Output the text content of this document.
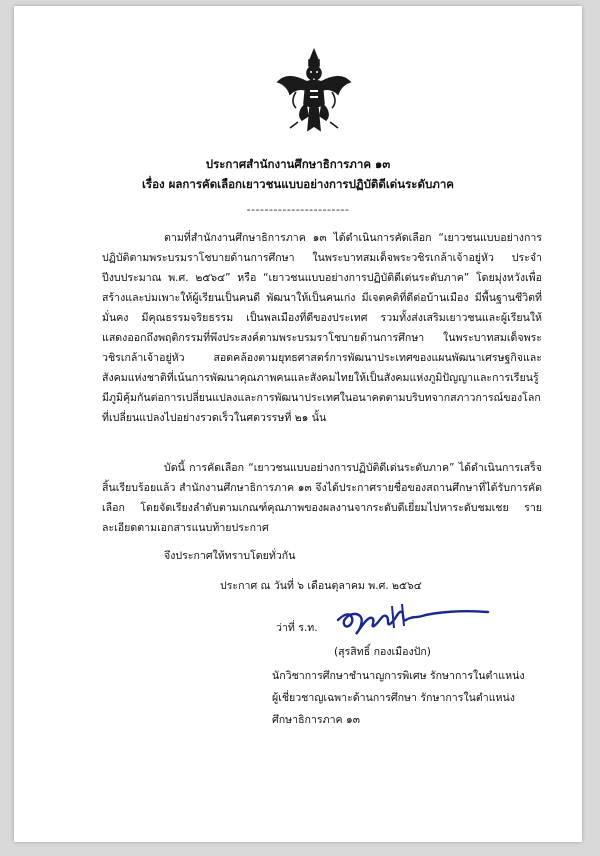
ประกาศสำนักงานศึกษาธิการภาค ๑๓
เรื่อง ผลการคัดเลือกเยาวชนแบบอย่างการปฏิบัติดีเด่นระดับภาค
-----------------------

ตามที่สำนักงานศึกษาธิการภาค ๑๓ ได้ดำเนินการคัดเลือก “เยาวชนแบบอย่างการปฏิบัติตามพระบรมราโชบายด้านการศึกษา ในพระบาทสมเด็จพระวชิรเกล้าเจ้าอยู่หัว ประจำปีงบประมาณ พ.ศ. ๒๕๖๔” หรือ “เยาวชนแบบอย่างการปฏิบัติดีเด่นระดับภาค” โดยมุ่งหวังเพื่อสร้างและบ่มเพาะให้ผู้เรียนเป็นคนดี พัฒนาให้เป็นคนเก่ง มีเจตคติที่ดีต่อบ้านเมือง มีพื้นฐานชีวิตที่มั่นคง มีคุณธรรมจริยธรรม เป็นพลเมืองที่ดีของประเทศ รวมทั้งส่งเสริมเยาวชนและผู้เรียนให้แสดงออกถึงพฤติกรรมที่พึงประสงค์ตามพระบรมราโชบายด้านการศึกษา ในพระบาทสมเด็จพระวชิรเกล้าเจ้าอยู่หัว สอดคล้องตามยุทธศาสตร์การพัฒนาประเทศของแผนพัฒนาเศรษฐกิจและสังคมแห่งชาติที่เน้นการพัฒนาคุณภาพคนและสังคมไทยให้เป็นสังคมแห่งภูมิปัญญาและการเรียนรู้ มีภูมิคุ้มกันต่อการเปลี่ยนแปลงและการพัฒนาประเทศในอนาคตตามบริบทจากสภาวการณ์ของโลกที่เปลี่ยนแปลงไปอย่างรวดเร็วในศตวรรษที่ ๒๑ นั้น

บัดนี้ การคัดเลือก “เยาวชนแบบอย่างการปฏิบัติดีเด่นระดับภาค” ได้ดำเนินการเสร็จสิ้นเรียบร้อยแล้ว สำนักงานศึกษาธิการภาค ๑๓ จึงได้ประกาศรายชื่อของสถานศึกษาที่ได้รับการคัดเลือก โดยจัดเรียงลำดับตามเกณฑ์คุณภาพของผลงานจากระดับดีเยี่ยมไปหาระดับชมเชย รายละเอียดตามเอกสารแนบท้ายประกาศ

จึงประกาศให้ทราบโดยทั่วกัน
ประกาศ ณ วันที่ ๖ เดือนตุลาคม พ.ศ. ๒๕๖๔
ว่าที่ ร.ท.
(สุรสิทธิ์ กองเมืองปัก)
นักวิชาการศึกษาชำนาญการพิเศษ รักษาการในตำแหน่ง
ผู้เชี่ยวชาญเฉพาะด้านการศึกษา รักษาการในตำแหน่ง
ศึกษาธิการภาค ๑๓
